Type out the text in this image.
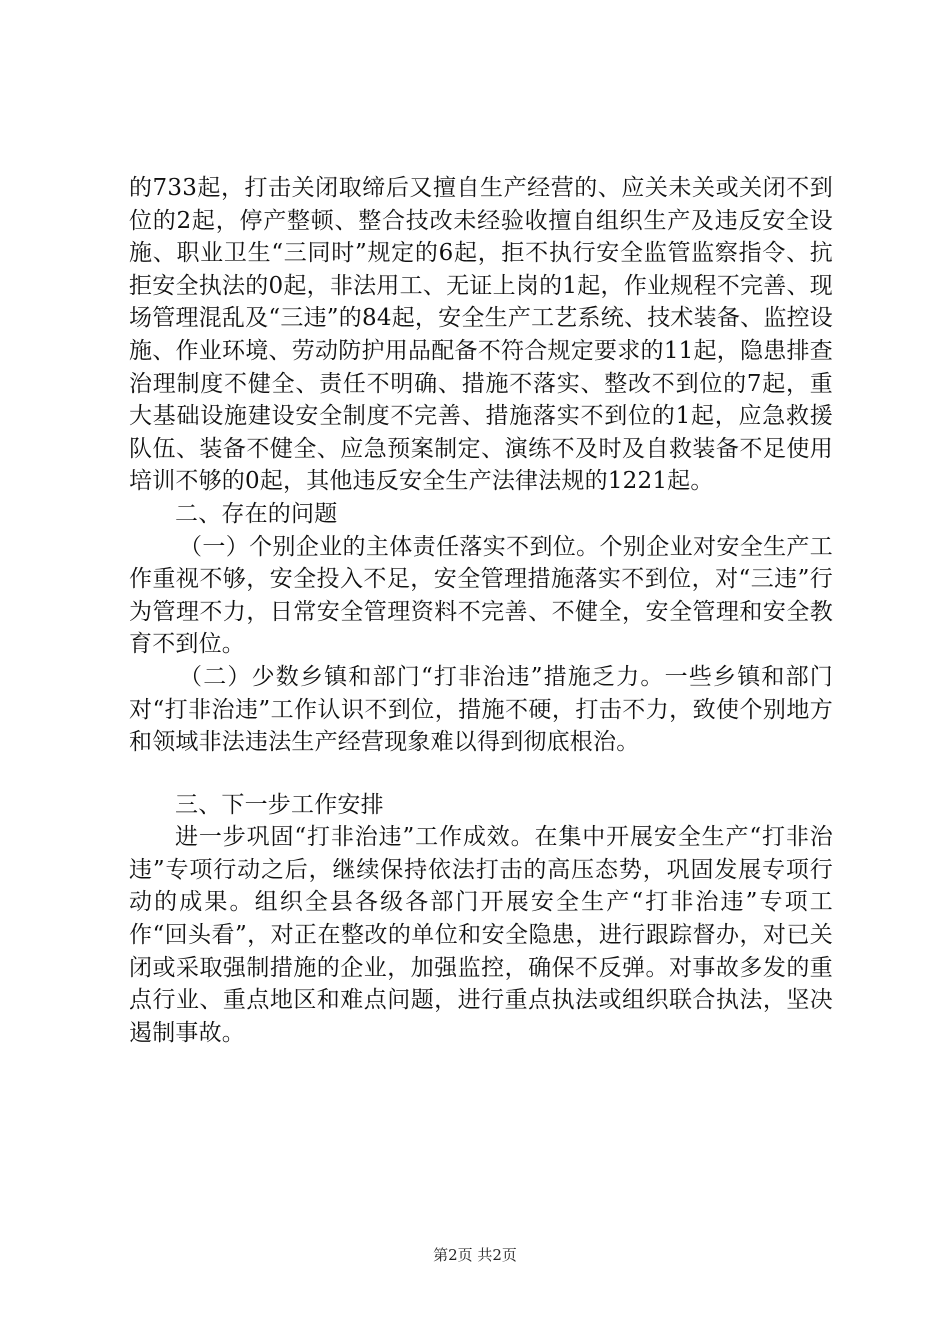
的733起，打击关闭取缔后又擅自生产经营的、应关未关或关闭不到位的2起，停产整顿、整合技改未经验收擅自组织生产及违反安全设施、职业卫生“三同时”规定的6起，拒不执行安全监管监察指令、抗拒安全执法的0起，非法用工、无证上岗的1起，作业规程不完善、现场管理混乱及“三违”的84起，安全生产工艺系统、技术装备、监控设施、作业环境、劳动防护用品配备不符合规定要求的11起，隐患排查治理制度不健全、责任不明确、措施不落实、整改不到位的7起，重大基础设施建设安全制度不完善、措施落实不到位的1起，应急救援队伍、装备不健全、应急预案制定、演练不及时及自救装备不足使用培训不够的0起，其他违反安全生产法律法规的1221起。

二、存在的问题

（一）个别企业的主体责任落实不到位。个别企业对安全生产工作重视不够，安全投入不足，安全管理措施落实不到位，对“三违”行为管理不力，日常安全管理资料不完善、不健全，安全管理和安全教育不到位。

（二）少数乡镇和部门“打非治违”措施乏力。一些乡镇和部门对“打非治违”工作认识不到位，措施不硬，打击不力，致使个别地方和领域非法违法生产经营现象难以得到彻底根治。

三、下一步工作安排

进一步巩固“打非治违”工作成效。在集中开展安全生产“打非治违”专项行动之后，继续保持依法打击的高压态势，巩固发展专项行动的成果。组织全县各级各部门开展安全生产“打非治违”专项工作“回头看”，对正在整改的单位和安全隐患，进行跟踪督办，对已关闭或采取强制措施的企业，加强监控，确保不反弹。对事故多发的重点行业、重点地区和难点问题，进行重点执法或组织联合执法，坚决遏制事故。

第2页 共2页
